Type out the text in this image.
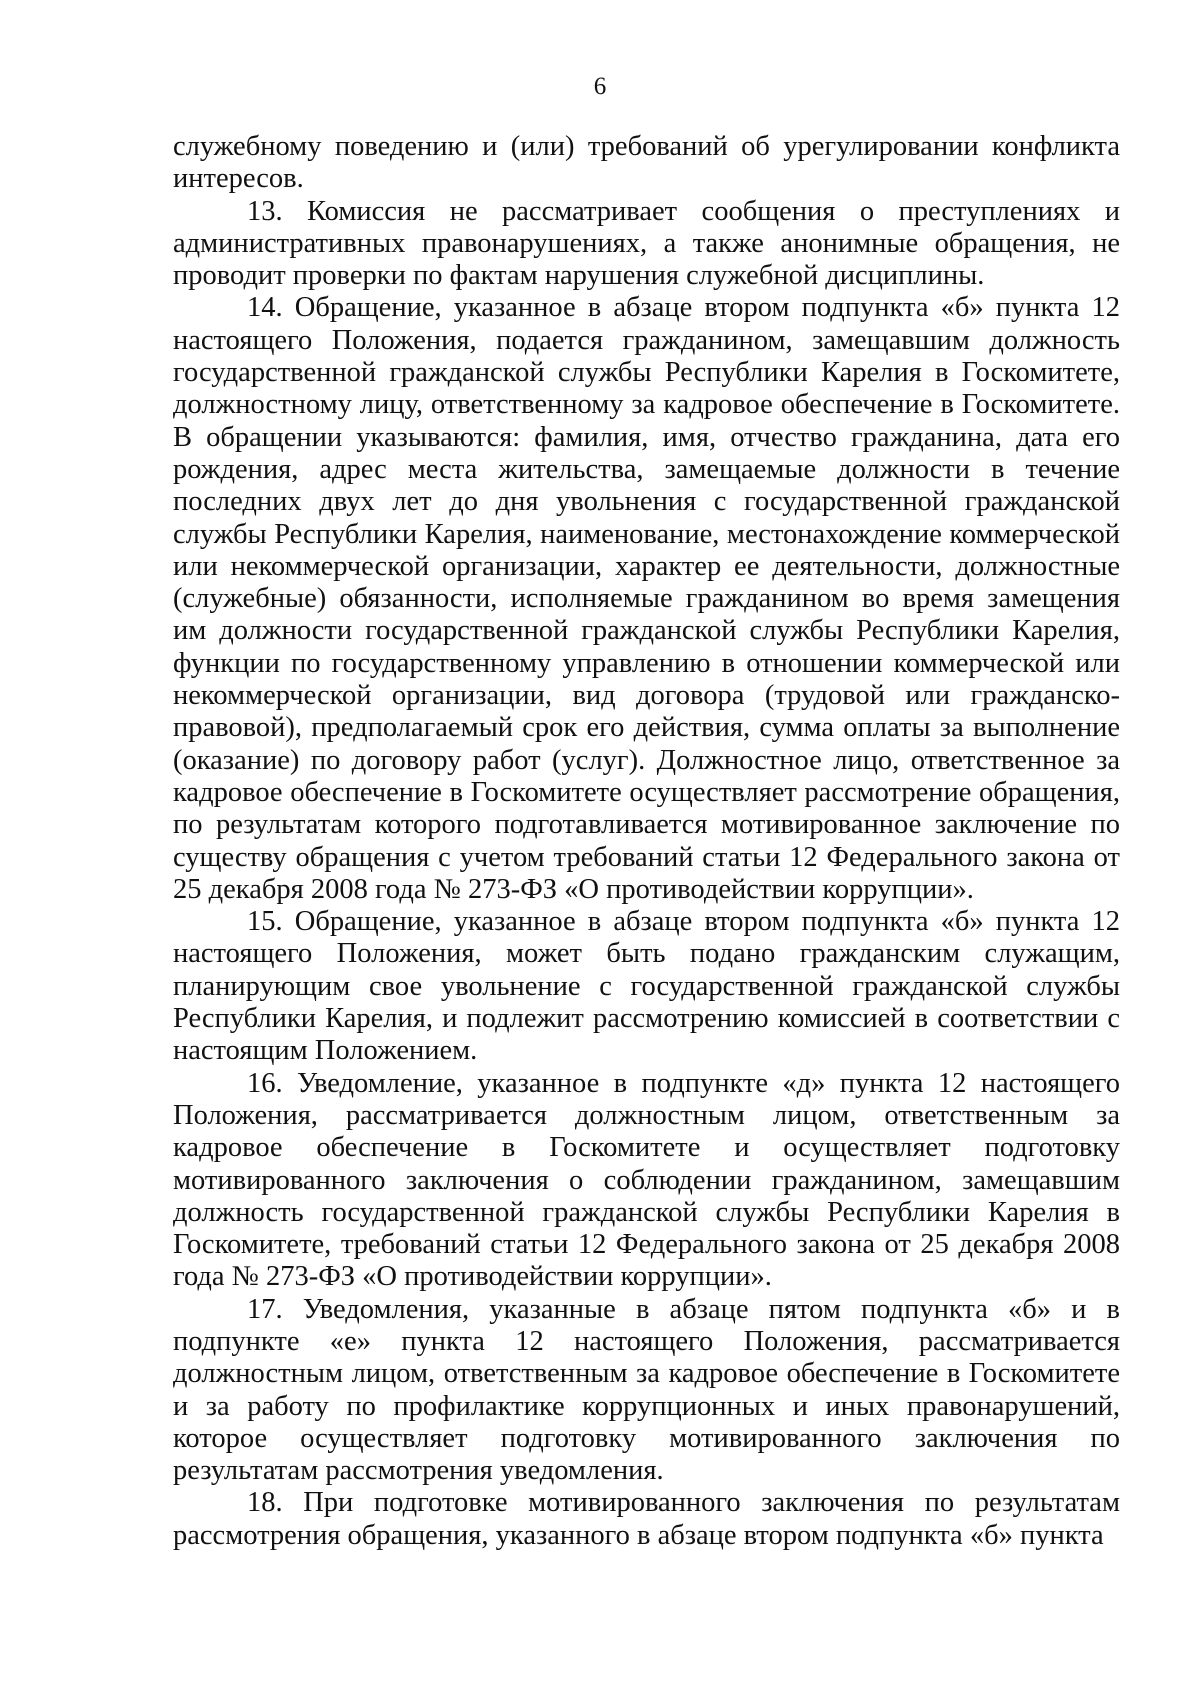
6

служебному поведению и (или) требований об урегулировании конфликта интересов.

13. Комиссия не рассматривает сообщения о преступлениях и административных правонарушениях, а также анонимные обращения, не проводит проверки по фактам нарушения служебной дисциплины.

14. Обращение, указанное в абзаце втором подпункта «б» пункта 12 настоящего Положения, подается гражданином, замещавшим должность государственной гражданской службы Республики Карелия в Госкомитете, должностному лицу, ответственному за кадровое обеспечение в Госкомитете. В обращении указываются: фамилия, имя, отчество гражданина, дата его рождения, адрес места жительства, замещаемые должности в течение последних двух лет до дня увольнения с государственной гражданской службы Республики Карелия, наименование, местонахождение коммерческой или некоммерческой организации, характер ее деятельности, должностные (служебные) обязанности, исполняемые гражданином во время замещения им должности государственной гражданской службы Республики Карелия, функции по государственному управлению в отношении коммерческой или некоммерческой организации, вид договора (трудовой или гражданско-правовой), предполагаемый срок его действия, сумма оплаты за выполнение (оказание) по договору работ (услуг). Должностное лицо, ответственное за кадровое обеспечение в Госкомитете осуществляет рассмотрение обращения, по результатам которого подготавливается мотивированное заключение по существу обращения с учетом требований статьи 12 Федерального закона от 25 декабря 2008 года № 273-ФЗ «О противодействии коррупции».

15. Обращение, указанное в абзаце втором подпункта «б» пункта 12 настоящего Положения, может быть подано гражданским служащим, планирующим свое увольнение с государственной гражданской службы Республики Карелия, и подлежит рассмотрению комиссией в соответствии с настоящим Положением.

16. Уведомление, указанное в подпункте «д» пункта 12 настоящего Положения, рассматривается должностным лицом, ответственным за кадровое обеспечение в Госкомитете и осуществляет подготовку мотивированного заключения о соблюдении гражданином, замещавшим должность государственной гражданской службы Республики Карелия в Госкомитете, требований статьи 12 Федерального закона от 25 декабря 2008 года № 273-ФЗ «О противодействии коррупции».

17. Уведомления, указанные в абзаце пятом подпункта «б» и в подпункте «е» пункта 12 настоящего Положения, рассматривается должностным лицом, ответственным за кадровое обеспечение в Госкомитете и за работу по профилактике коррупционных и иных правонарушений, которое осуществляет подготовку мотивированного заключения по результатам рассмотрения уведомления.

18. При подготовке мотивированного заключения по результатам рассмотрения обращения, указанного в абзаце втором подпункта «б» пункта
